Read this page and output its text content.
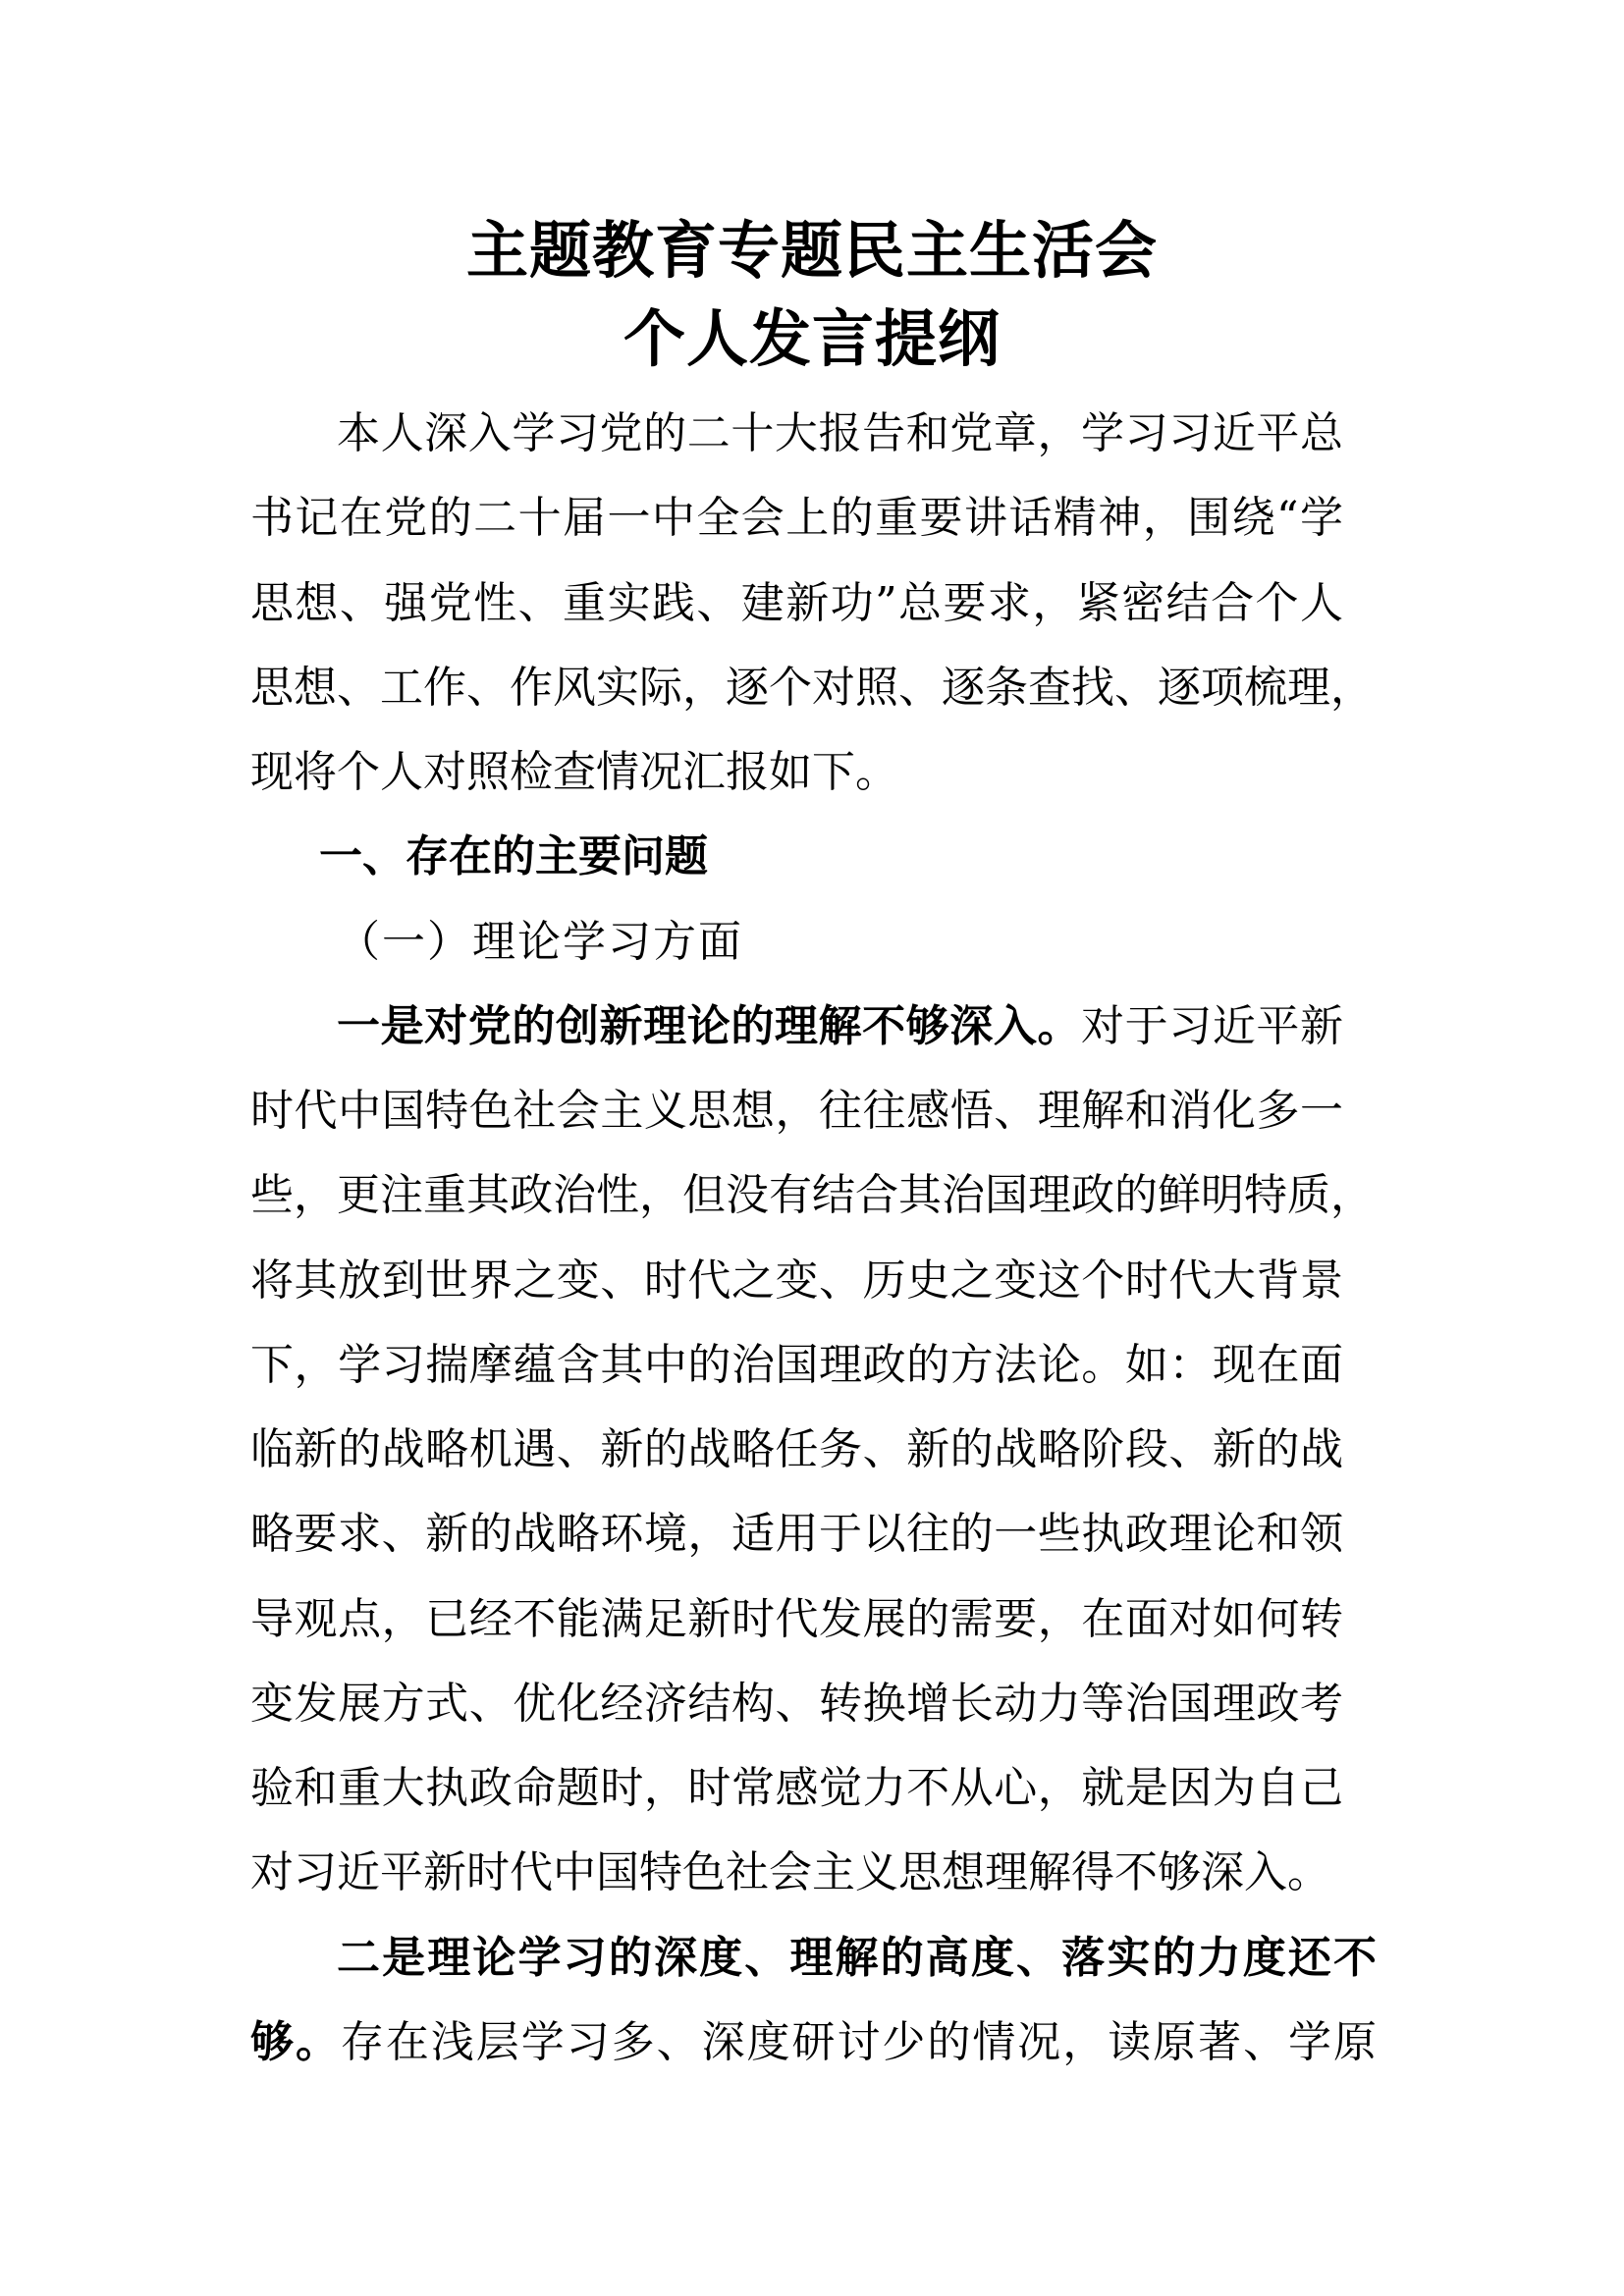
主题教育专题民主生活会
个人发言提纲
本人深入学习党的二十大报告和党章，学习习近平总
书记在党的二十届一中全会上的重要讲话精神，围绕“学
思想、强党性、重实践、建新功”总要求，紧密结合个人
思想、工作、作风实际，逐个对照、逐条查找、逐项梳理，
现将个人对照检查情况汇报如下。
一、存在的主要问题
（一）理论学习方面
一是对党的创新理论的理解不够深入。对于习近平新
时代中国特色社会主义思想，往往感悟、理解和消化多一
些，更注重其政治性，但没有结合其治国理政的鲜明特质，
将其放到世界之变、时代之变、历史之变这个时代大背景
下，学习揣摩蕴含其中的治国理政的方法论。如：现在面
临新的战略机遇、新的战略任务、新的战略阶段、新的战
略要求、新的战略环境，适用于以往的一些执政理论和领
导观点，已经不能满足新时代发展的需要，在面对如何转
变发展方式、优化经济结构、转换增长动力等治国理政考
验和重大执政命题时，时常感觉力不从心，就是因为自己
对习近平新时代中国特色社会主义思想理解得不够深入。
二是理论学习的深度、理解的高度、落实的力度还不
够。存在浅层学习多、深度研讨少的情况，读原著、学原
